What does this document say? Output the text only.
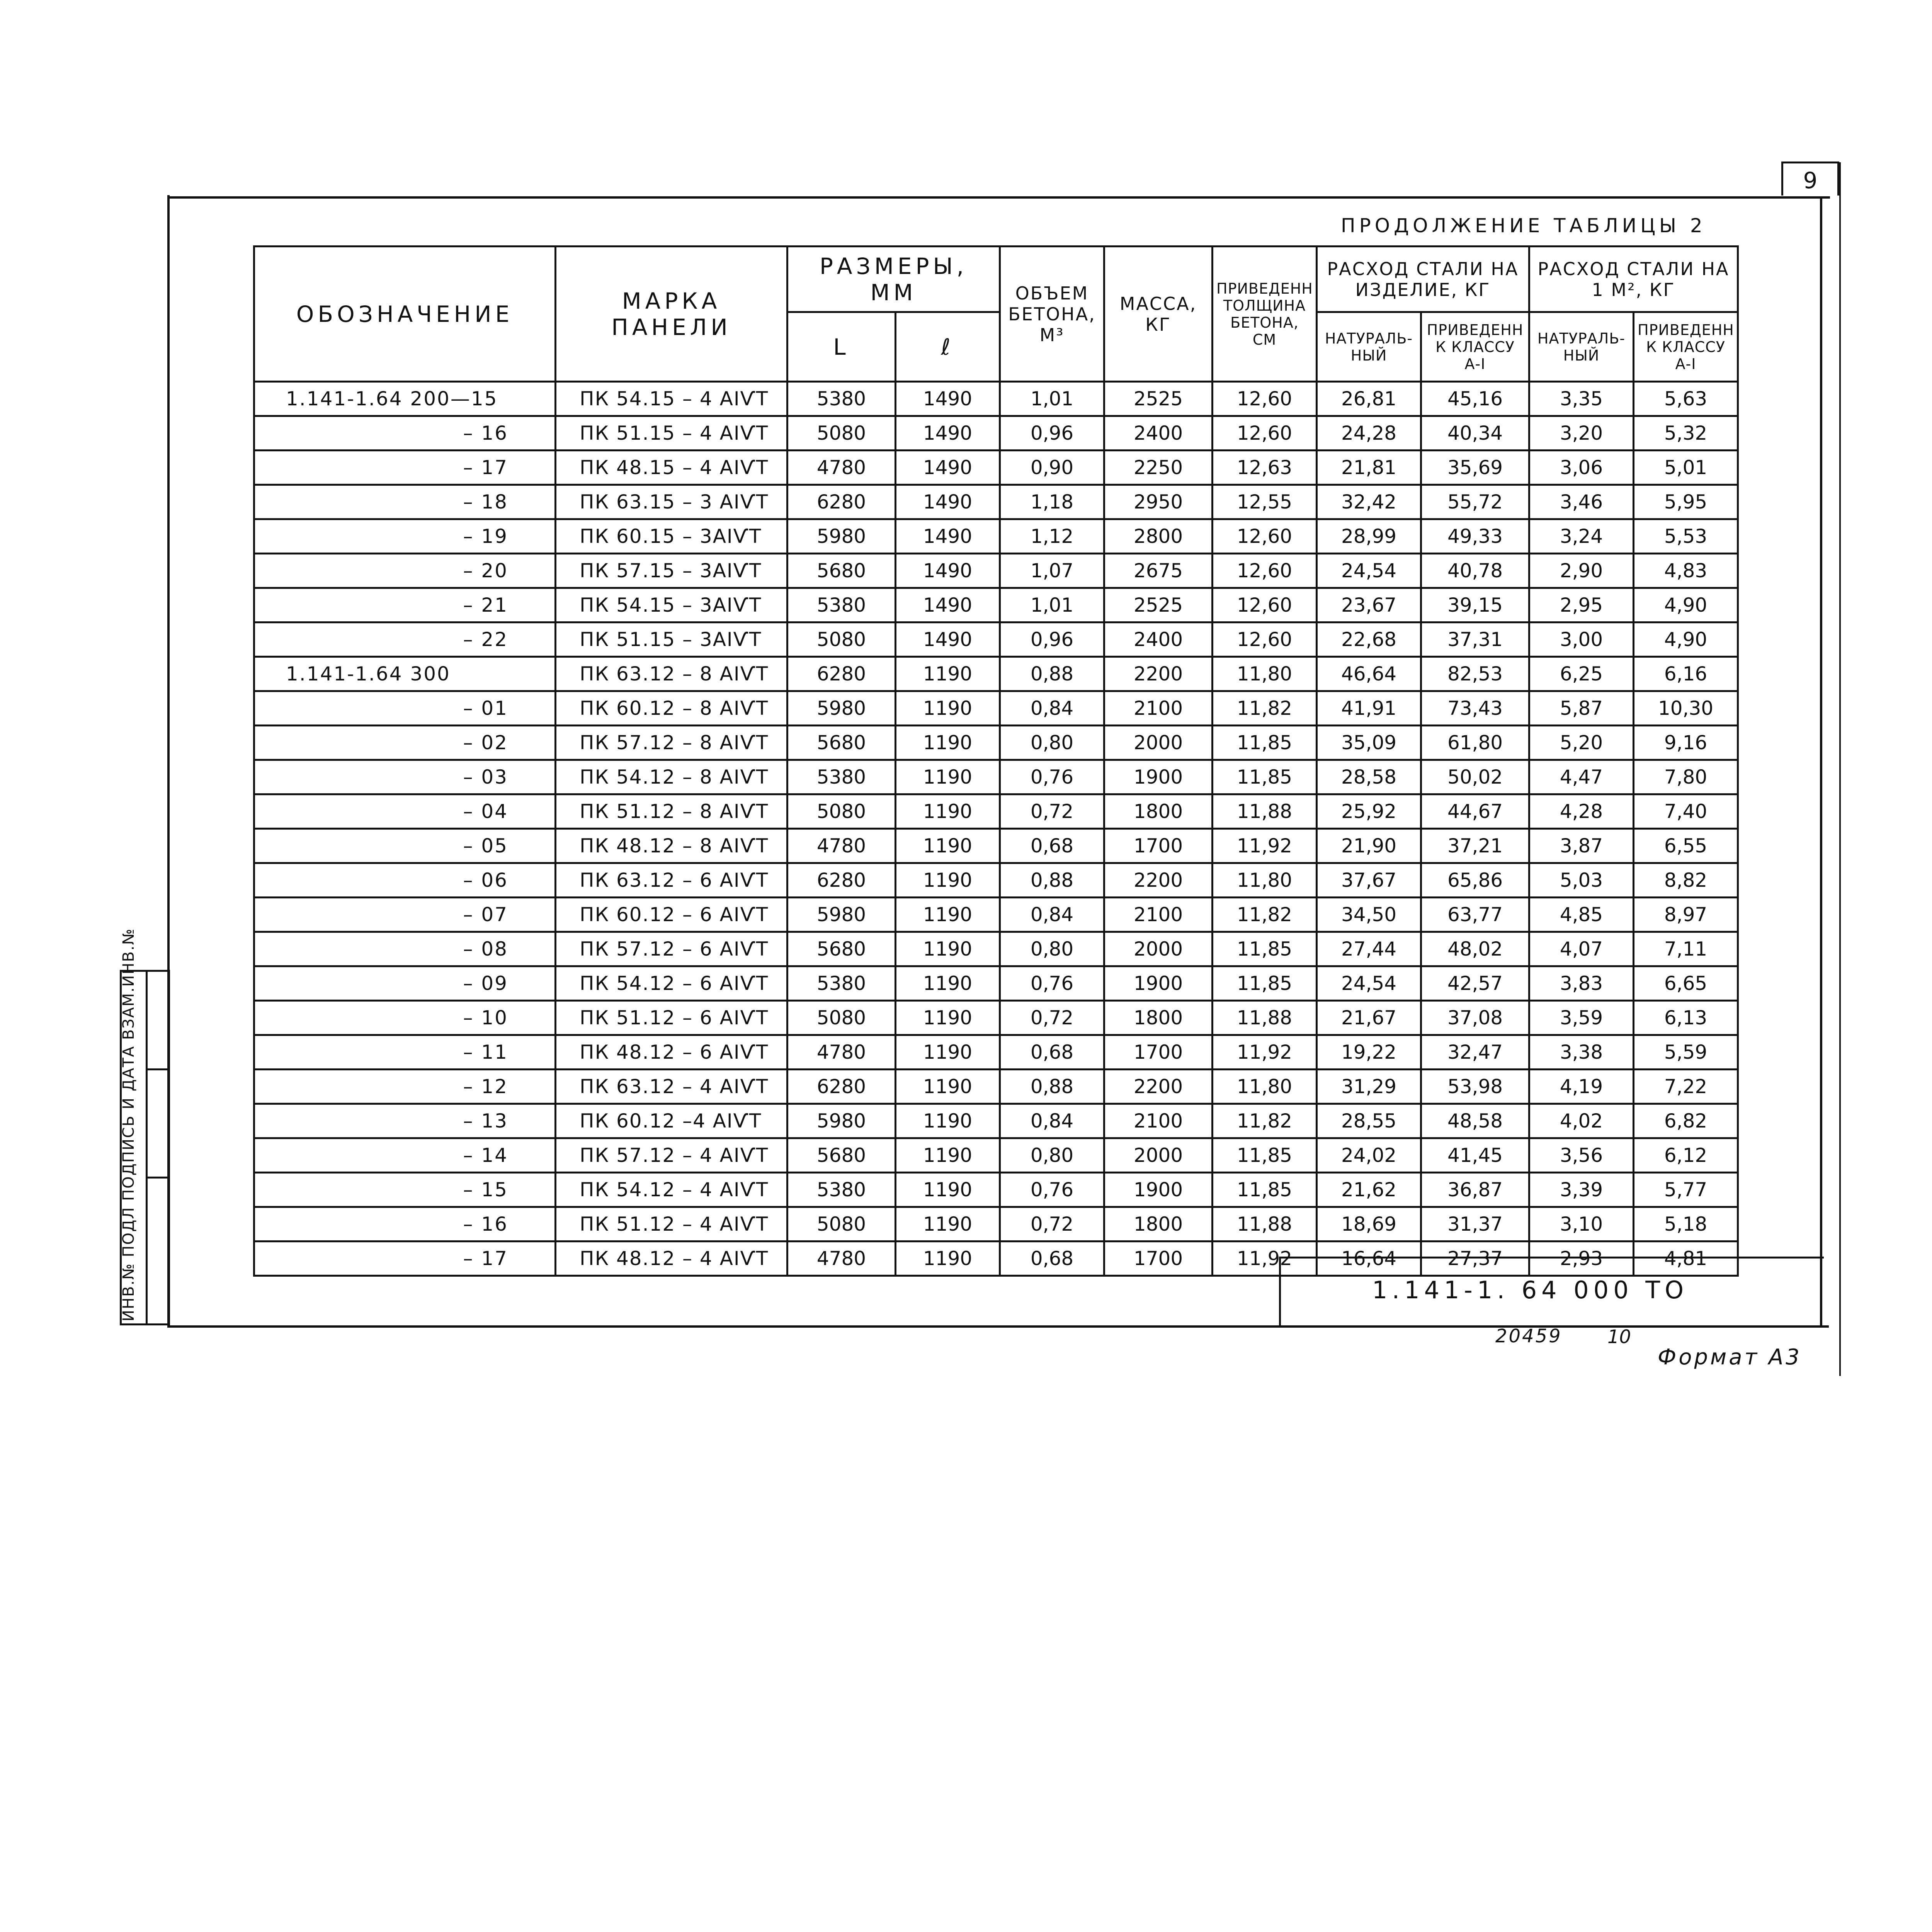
9
ПРОДОЛЖЕНИЕ ТАБЛИЦЫ 2
ОБОЗНАЧЕНИЕ	МАРКА ПАНЕЛИ	РАЗМЕРЫ, ММ		ОБЪЕМ БЕТОНА, М³	МАССА, КГ	ПРИВЕДЕНН ТОЛЩИНА БЕТОНА, СМ	РАСХОД СТАЛИ НА ИЗДЕЛИЕ, КГ		РАСХОД СТАЛИ НА 1 М², КГ	
		L	ℓ				НАТУРАЛЬ- НЫЙ	ПРИВЕДЕНН К КЛАССУ А-I	НАТУРАЛЬ- НЫЙ	ПРИВЕДЕНН К КЛАССУ А-I
1.141-1.64 200—15	ПК 54.15 – 4 АIѴТ	5380	1490	1,01	2525	12,60	26,81	45,16	3,35	5,63
– 16	ПК 51.15 – 4 АIѴТ	5080	1490	0,96	2400	12,60	24,28	40,34	3,20	5,32
– 17	ПК 48.15 – 4 АIѴТ	4780	1490	0,90	2250	12,63	21,81	35,69	3,06	5,01
– 18	ПК 63.15 – 3 АIѴТ	6280	1490	1,18	2950	12,55	32,42	55,72	3,46	5,95
– 19	ПК 60.15 – 3АIѴТ	5980	1490	1,12	2800	12,60	28,99	49,33	3,24	5,53
– 20	ПК 57.15 – 3АIѴТ	5680	1490	1,07	2675	12,60	24,54	40,78	2,90	4,83
– 21	ПК 54.15 – 3АIѴТ	5380	1490	1,01	2525	12,60	23,67	39,15	2,95	4,90
– 22	ПК 51.15 – 3АIѴТ	5080	1490	0,96	2400	12,60	22,68	37,31	3,00	4,90
1.141-1.64 300	ПК 63.12 – 8 АIѴТ	6280	1190	0,88	2200	11,80	46,64	82,53	6,25	6,16
– 01	ПК 60.12 – 8 АIѴТ	5980	1190	0,84	2100	11,82	41,91	73,43	5,87	10,30
– 02	ПК 57.12 – 8 АIѴТ	5680	1190	0,80	2000	11,85	35,09	61,80	5,20	9,16
– 03	ПК 54.12 – 8 АIѴТ	5380	1190	0,76	1900	11,85	28,58	50,02	4,47	7,80
– 04	ПК 51.12 – 8 АIѴТ	5080	1190	0,72	1800	11,88	25,92	44,67	4,28	7,40
– 05	ПК 48.12 – 8 АIѴТ	4780	1190	0,68	1700	11,92	21,90	37,21	3,87	6,55
– 06	ПК 63.12 – 6 АIѴТ	6280	1190	0,88	2200	11,80	37,67	65,86	5,03	8,82
– 07	ПК 60.12 – 6 АIѴТ	5980	1190	0,84	2100	11,82	34,50	63,77	4,85	8,97
– 08	ПК 57.12 – 6 АIѴТ	5680	1190	0,80	2000	11,85	27,44	48,02	4,07	7,11
– 09	ПК 54.12 – 6 АIѴТ	5380	1190	0,76	1900	11,85	24,54	42,57	3,83	6,65
– 10	ПК 51.12 – 6 АIѴТ	5080	1190	0,72	1800	11,88	21,67	37,08	3,59	6,13
– 11	ПК 48.12 – 6 АIѴТ	4780	1190	0,68	1700	11,92	19,22	32,47	3,38	5,59
– 12	ПК 63.12 – 4 АIѴТ	6280	1190	0,88	2200	11,80	31,29	53,98	4,19	7,22
– 13	ПК 60.12 –4 АIѴТ	5980	1190	0,84	2100	11,82	28,55	48,58	4,02	6,82
– 14	ПК 57.12 – 4 АIѴТ	5680	1190	0,80	2000	11,85	24,02	41,45	3,56	6,12
– 15	ПК 54.12 – 4 АIѴТ	5380	1190	0,76	1900	11,85	21,62	36,87	3,39	5,77
– 16	ПК 51.12 – 4 АIѴТ	5080	1190	0,72	1800	11,88	18,69	31,37	3,10	5,18
– 17	ПК 48.12 – 4 АIѴТ	4780	1190	0,68	1700	11,92	16,64	27,37	2,93	4,81
1.141-1. 64 000 ТО
20459 10
Формат А3
ИНВ.№ ПОДЛ ПОДПИСЬ И ДАТА ВЗАМ.ИНВ.№
